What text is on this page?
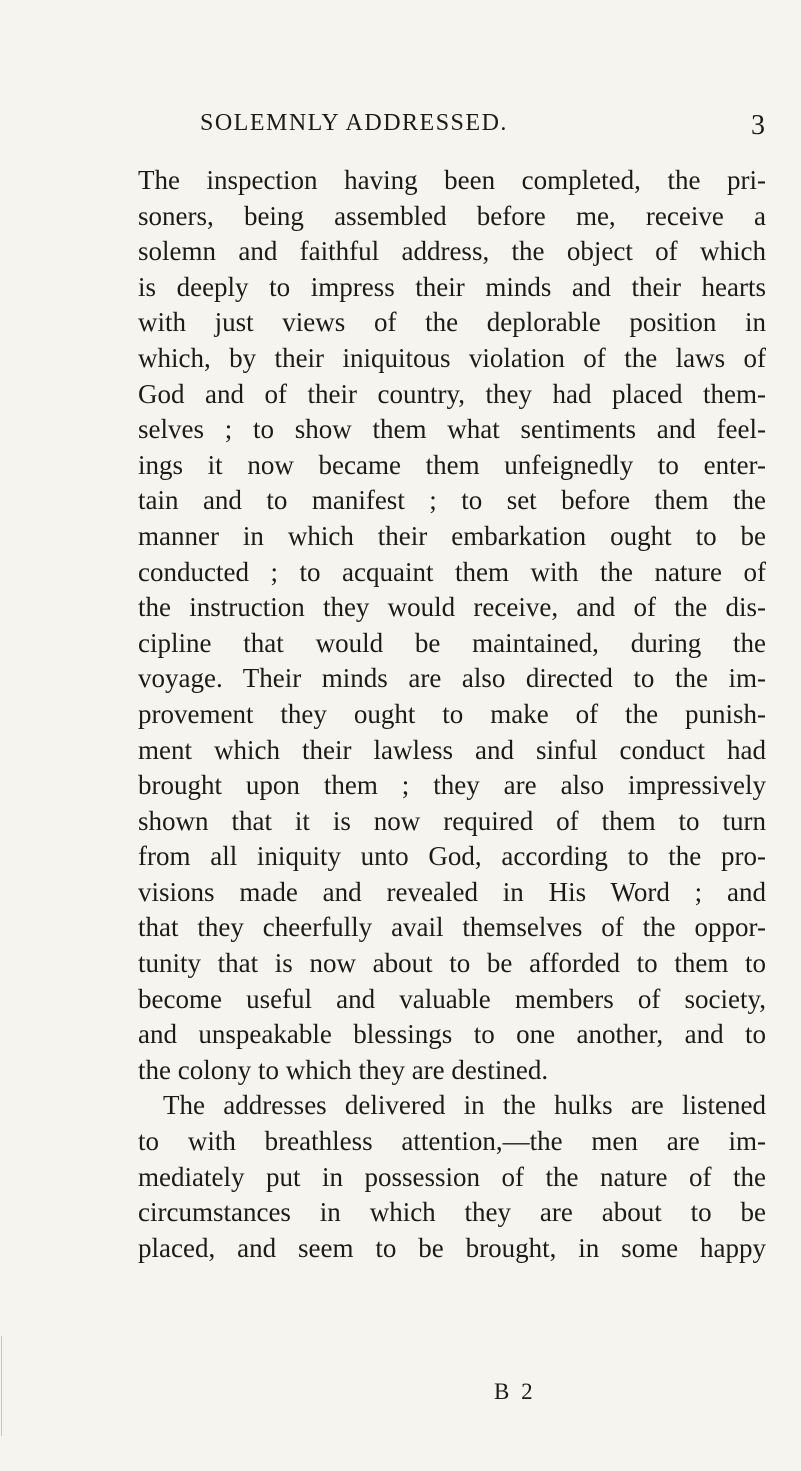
SOLEMNLY ADDRESSED.	3
The inspection having been completed, the pri-
soners, being assembled before me, receive a
solemn and faithful address, the object of which
is deeply to impress their minds and their hearts
with just views of the deplorable position in
which, by their iniquitous violation of the laws of
God and of their country, they had placed them-
selves ; to show them what sentiments and feel-
ings it now became them unfeignedly to enter-
tain and to manifest ; to set before them the
manner in which their embarkation ought to be
conducted ; to acquaint them with the nature of
the instruction they would receive, and of the dis-
cipline that would be maintained, during the
voyage. Their minds are also directed to the im-
provement they ought to make of the punish-
ment which their lawless and sinful conduct had
brought upon them ; they are also impressively
shown that it is now required of them to turn
from all iniquity unto God, according to the pro-
visions made and revealed in His Word ; and
that they cheerfully avail themselves of the oppor-
tunity that is now about to be afforded to them to
become useful and valuable members of society,
and unspeakable blessings to one another, and to
the colony to which they are destined.
The addresses delivered in the hulks are listened
to with breathless attention,—the men are im-
mediately put in possession of the nature of the
circumstances in which they are about to be
placed, and seem to be brought, in some happy
B 2
